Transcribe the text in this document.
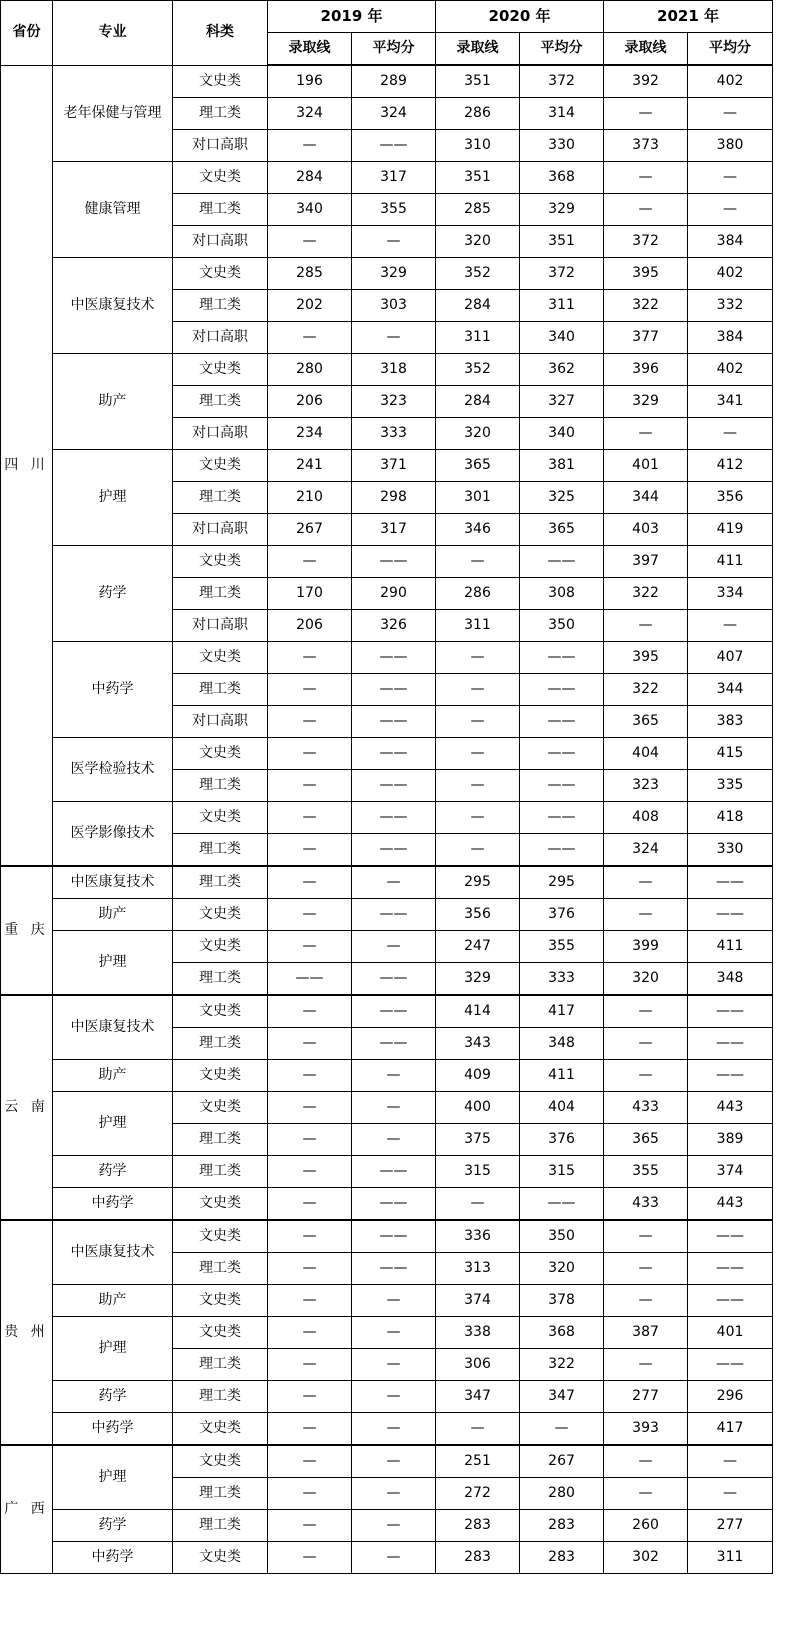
省份	专业	科类	2019 年		2020 年		2021 年	
			录取线	平均分	录取线	平均分	录取线	平均分
四 川	老年保健与管理	文史类	196	289	351	372	392	402
		理工类	324	324	286	314	—	—
		对口高职	—	——	310	330	373	380
	健康管理	文史类	284	317	351	368	—	—
		理工类	340	355	285	329	—	—
		对口高职	—	—	320	351	372	384
	中医康复技术	文史类	285	329	352	372	395	402
		理工类	202	303	284	311	322	332
		对口高职	—	—	311	340	377	384
	助产	文史类	280	318	352	362	396	402
		理工类	206	323	284	327	329	341
		对口高职	234	333	320	340	—	—
	护理	文史类	241	371	365	381	401	412
		理工类	210	298	301	325	344	356
		对口高职	267	317	346	365	403	419
	药学	文史类	—	——	—	——	397	411
		理工类	170	290	286	308	322	334
		对口高职	206	326	311	350	—	—
	中药学	文史类	—	——	—	——	395	407
		理工类	—	——	—	——	322	344
		对口高职	—	——	—	——	365	383
	医学检验技术	文史类	—	——	—	——	404	415
		理工类	—	——	—	——	323	335
	医学影像技术	文史类	—	——	—	——	408	418
		理工类	—	——	—	——	324	330
重 庆	中医康复技术	理工类	—	—	295	295	—	——
	助产	文史类	—	——	356	376	—	——
	护理	文史类	—	—	247	355	399	411
		理工类	——	——	329	333	320	348
云 南	中医康复技术	文史类	—	——	414	417	—	——
		理工类	—	——	343	348	—	——
	助产	文史类	—	—	409	411	—	——
	护理	文史类	—	—	400	404	433	443
		理工类	—	—	375	376	365	389
	药学	理工类	—	——	315	315	355	374
	中药学	文史类	—	——	—	——	433	443
贵 州	中医康复技术	文史类	—	——	336	350	—	——
		理工类	—	——	313	320	—	——
	助产	文史类	—	—	374	378	—	——
	护理	文史类	—	—	338	368	387	401
		理工类	—	—	306	322	—	——
	药学	理工类	—	—	347	347	277	296
	中药学	文史类	—	—	—	—	393	417
广 西	护理	文史类	—	—	251	267	—	—
		理工类	—	—	272	280	—	—
	药学	理工类	—	—	283	283	260	277
	中药学	文史类	—	—	283	283	302	311
